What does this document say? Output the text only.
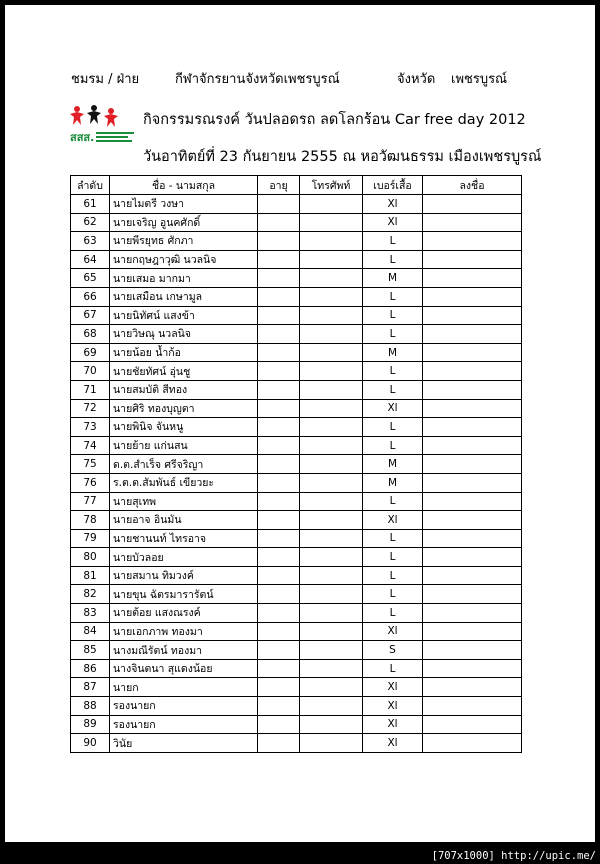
ชมรม / ฝ่าย	กีฬาจักรยานจังหวัดเพชรบูรณ์	จังหวัด เพชรบูรณ์
สสส.
กิจกรรมรณรงค์ วันปลอดรถ ลดโลกร้อน Car free day 2012
วันอาทิตย์ที่ 23 กันยายน 2555 ณ หอวัฒนธรรม เมืองเพชรบูรณ์
ลำดับ	ชื่อ - นามสกุล	อายุ	โทรศัพท์	เบอร์เสื้อ	ลงชื่อ
61	นายไมตรี วงษา			Xl	
62	นายเจริญ อูนคศักดิ์			Xl	
63	นายพีรยุทธ ศักภา			L	
64	นายกฤษฎาวุฒิ นวลนิจ			L	
65	นายเสมอ มากมา			M	
66	นายเสมือน เกษามูล			L	
67	นายนิทัศน์ แสงข้า			L	
68	นายวิษณุ นวลนิจ			L	
69	นายน้อย น้ำก้อ			M	
70	นายชัยทัศน์ อุ่นชู			L	
71	นายสมบัติ สีทอง			L	
72	นายศิริ ทองบุญตา			Xl	
73	นายพินิจ จันหนู			L	
74	นายย้าย แก่นสน			L	
75	ด.ต.สำเร็จ ศรีจริญา			M	
76	ร.ต.ต.สัมพันธ์ เขียวยะ			M	
77	นายสุเทพ			L	
78	นายอาจ อินมัน			Xl	
79	นายชานนท์ ไทรอาจ			L	
80	นายบัวลอย			L	
81	นายสมาน ทิมวงค์			L	
82	นายขุน ฉัตรมารารัตน์			L	
83	นายต้อย แสงณรงค์			L	
84	นายเอกภาพ ทองมา			Xl	
85	นางมณีรัตน์ ทองมา			S	
86	นางจินตนา สุแดงน้อย			L	
87	นายก			Xl	
88	รองนายก			Xl	
89	รองนายก			Xl	
90	วินัย			Xl	
[707x1000] http://upic.me/
